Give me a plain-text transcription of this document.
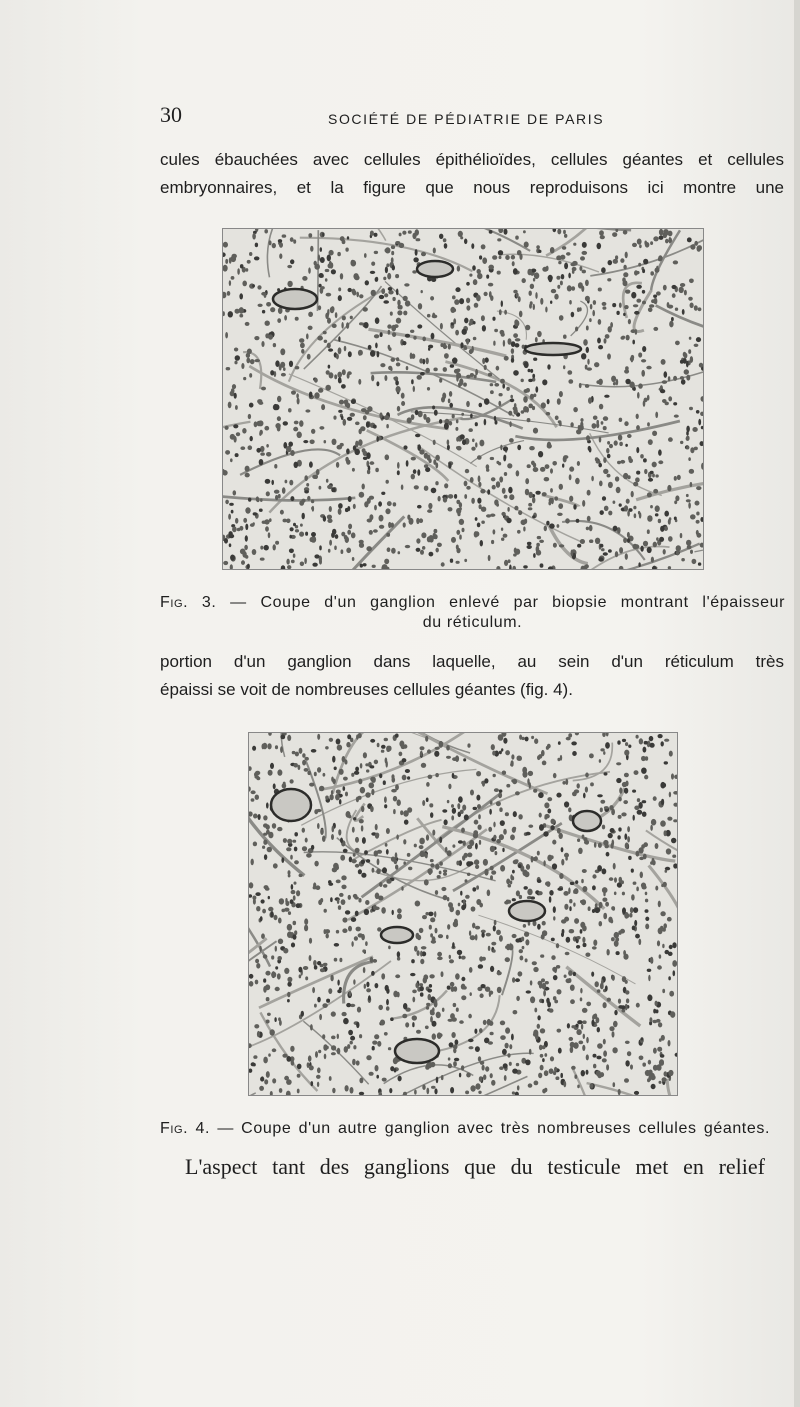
30	SOCIÉTÉ DE PÉDIATRIE DE PARIS
cules ébauchées avec cellules épithélioïdes, cellules géantes et cellules
embryonnaires, et la figure que nous reproduisons ici montre une
Fig. 3. — Coupe d'un ganglion enlevé par biopsie montrant l'épaisseur
du réticulum.
portion d'un ganglion dans laquelle, au sein d'un réticulum très
épaissi se voit de nombreuses cellules géantes (fig. 4).
Fig. 4. — Coupe d'un autre ganglion avec très nombreuses cellules géantes.
L'aspect tant des ganglions que du testicule met en relief
